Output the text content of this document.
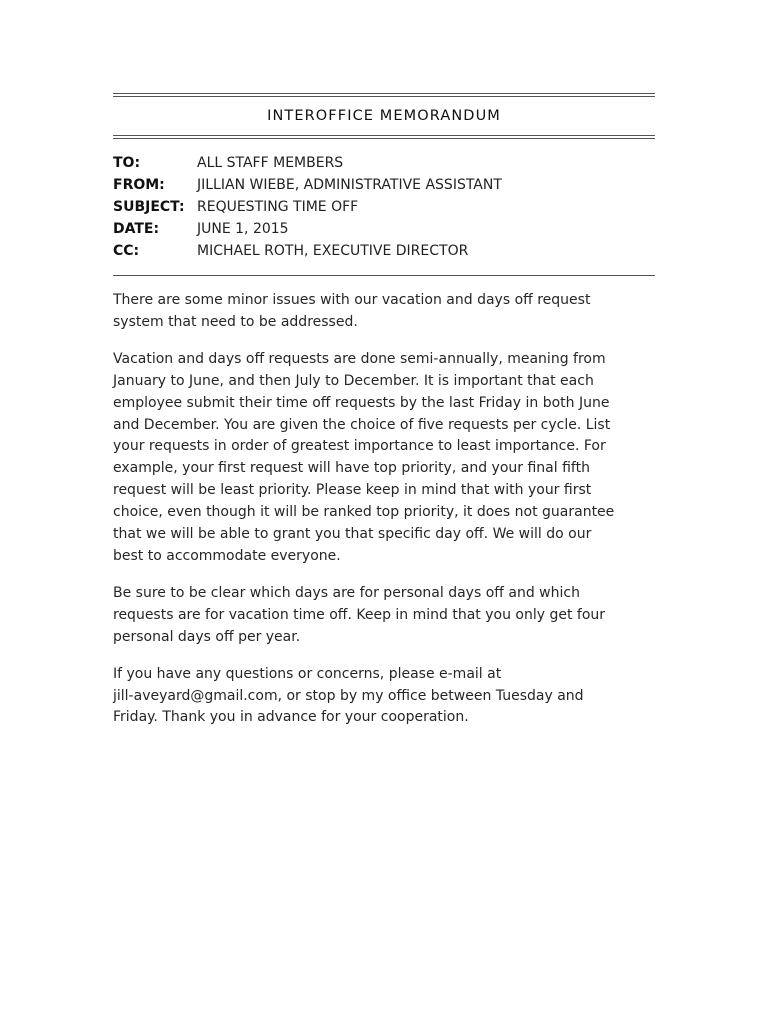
INTEROFFICE MEMORANDUM
TO:	ALL STAFF MEMBERS
FROM:	JILLIAN WIEBE, ADMINISTRATIVE ASSISTANT
SUBJECT: REQUESTING TIME OFF
DATE:	JUNE 1, 2015
CC:	MICHAEL ROTH, EXECUTIVE DIRECTOR

There are some minor issues with our vacation and days off request
system that need to be addressed.

Vacation and days off requests are done semi-annually, meaning from
January to June, and then July to December. It is important that each
employee submit their time off requests by the last Friday in both June
and December. You are given the choice of five requests per cycle. List
your requests in order of greatest importance to least importance. For
example, your first request will have top priority, and your final fifth
request will be least priority. Please keep in mind that with your first
choice, even though it will be ranked top priority, it does not guarantee
that we will be able to grant you that specific day off. We will do our
best to accommodate everyone.

Be sure to be clear which days are for personal days off and which
requests are for vacation time off. Keep in mind that you only get four
personal days off per year.

If you have any questions or concerns, please e-mail at
jill-aveyard@gmail.com, or stop by my office between Tuesday and
Friday. Thank you in advance for your cooperation.
